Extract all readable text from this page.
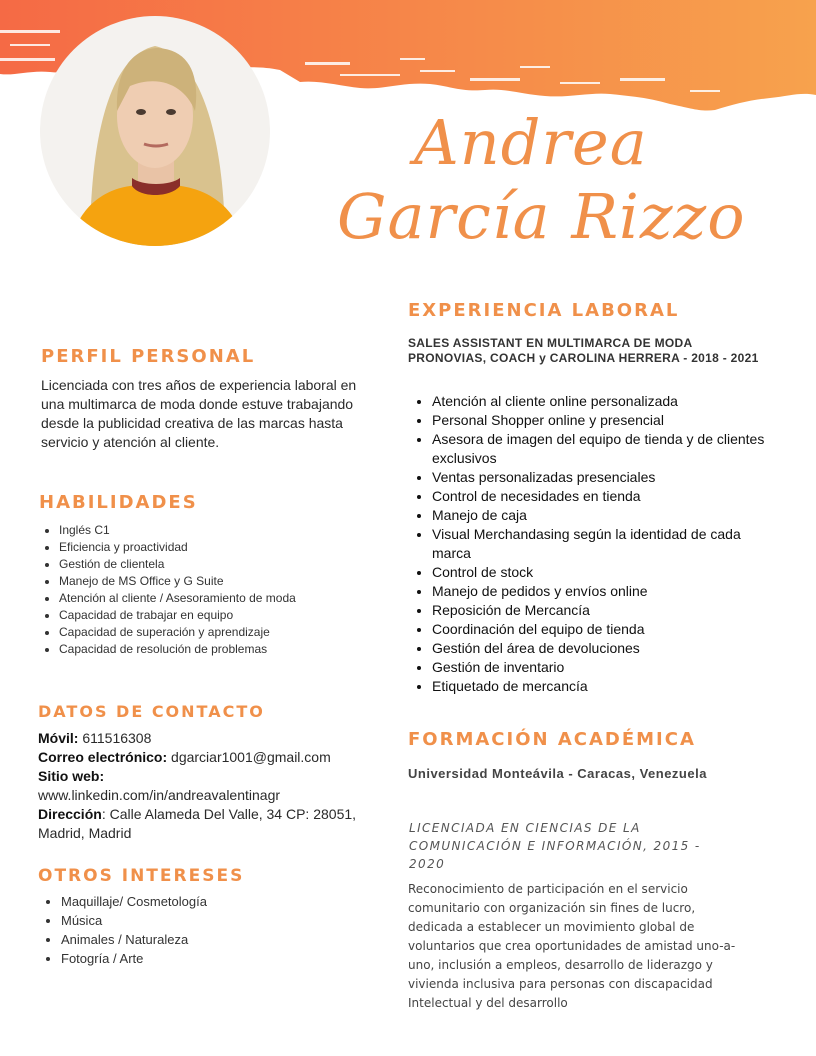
Andrea
García Rizzo
PERFIL PERSONAL
Licenciada con tres años de experiencia laboral en una multimarca de moda donde estuve trabajando desde la publicidad creativa de las marcas hasta servicio y atención al cliente.
HABILIDADES
• Inglés C1
• Eficiencia y proactividad
• Gestión de clientela
• Manejo de MS Office y G Suite
• Atención al cliente / Asesoramiento de moda
• Capacidad de trabajar en equipo
• Capacidad de superación y aprendizaje
• Capacidad de resolución de problemas
DATOS DE CONTACTO
Móvil: 611516308
Correo electrónico: dgarciar1001@gmail.com
Sitio web:
www.linkedin.com/in/andreavalentinagr
Dirección: Calle Alameda Del Valle, 34 CP: 28051, Madrid, Madrid
OTROS INTERESES
• Maquillaje/ Cosmetología
• Música
• Animales / Naturaleza
• Fotogría / Arte
EXPERIENCIA LABORAL
SALES ASSISTANT EN MULTIMARCA DE MODA
PRONOVIAS, COACH y CAROLINA HERRERA - 2018 - 2021
• Atención al cliente online personalizada
• Personal Shopper online y presencial
• Asesora de imagen del equipo de tienda y de clientes exclusivos
• Ventas personalizadas presenciales
• Control de necesidades en tienda
• Manejo de caja
• Visual Merchandasing según la identidad de cada marca
• Control de stock
• Manejo de pedidos y envíos online
• Reposición de Mercancía
• Coordinación del equipo de tienda
• Gestión del área de devoluciones
• Gestión de inventario
• Etiquetado de mercancía
FORMACIÓN ACADÉMICA
Universidad Monteávila - Caracas, Venezuela
LICENCIADA EN CIENCIAS DE LA COMUNICACIÓN E INFORMACIÓN, 2015 - 2020
Reconocimiento de participación en el servicio comunitario con organización sin fines de lucro, dedicada a establecer un movimiento global de voluntarios que crea oportunidades de amistad uno-a-uno, inclusión a empleos, desarrollo de liderazgo y vivienda inclusiva para personas con discapacidad Intelectual y del desarrollo
